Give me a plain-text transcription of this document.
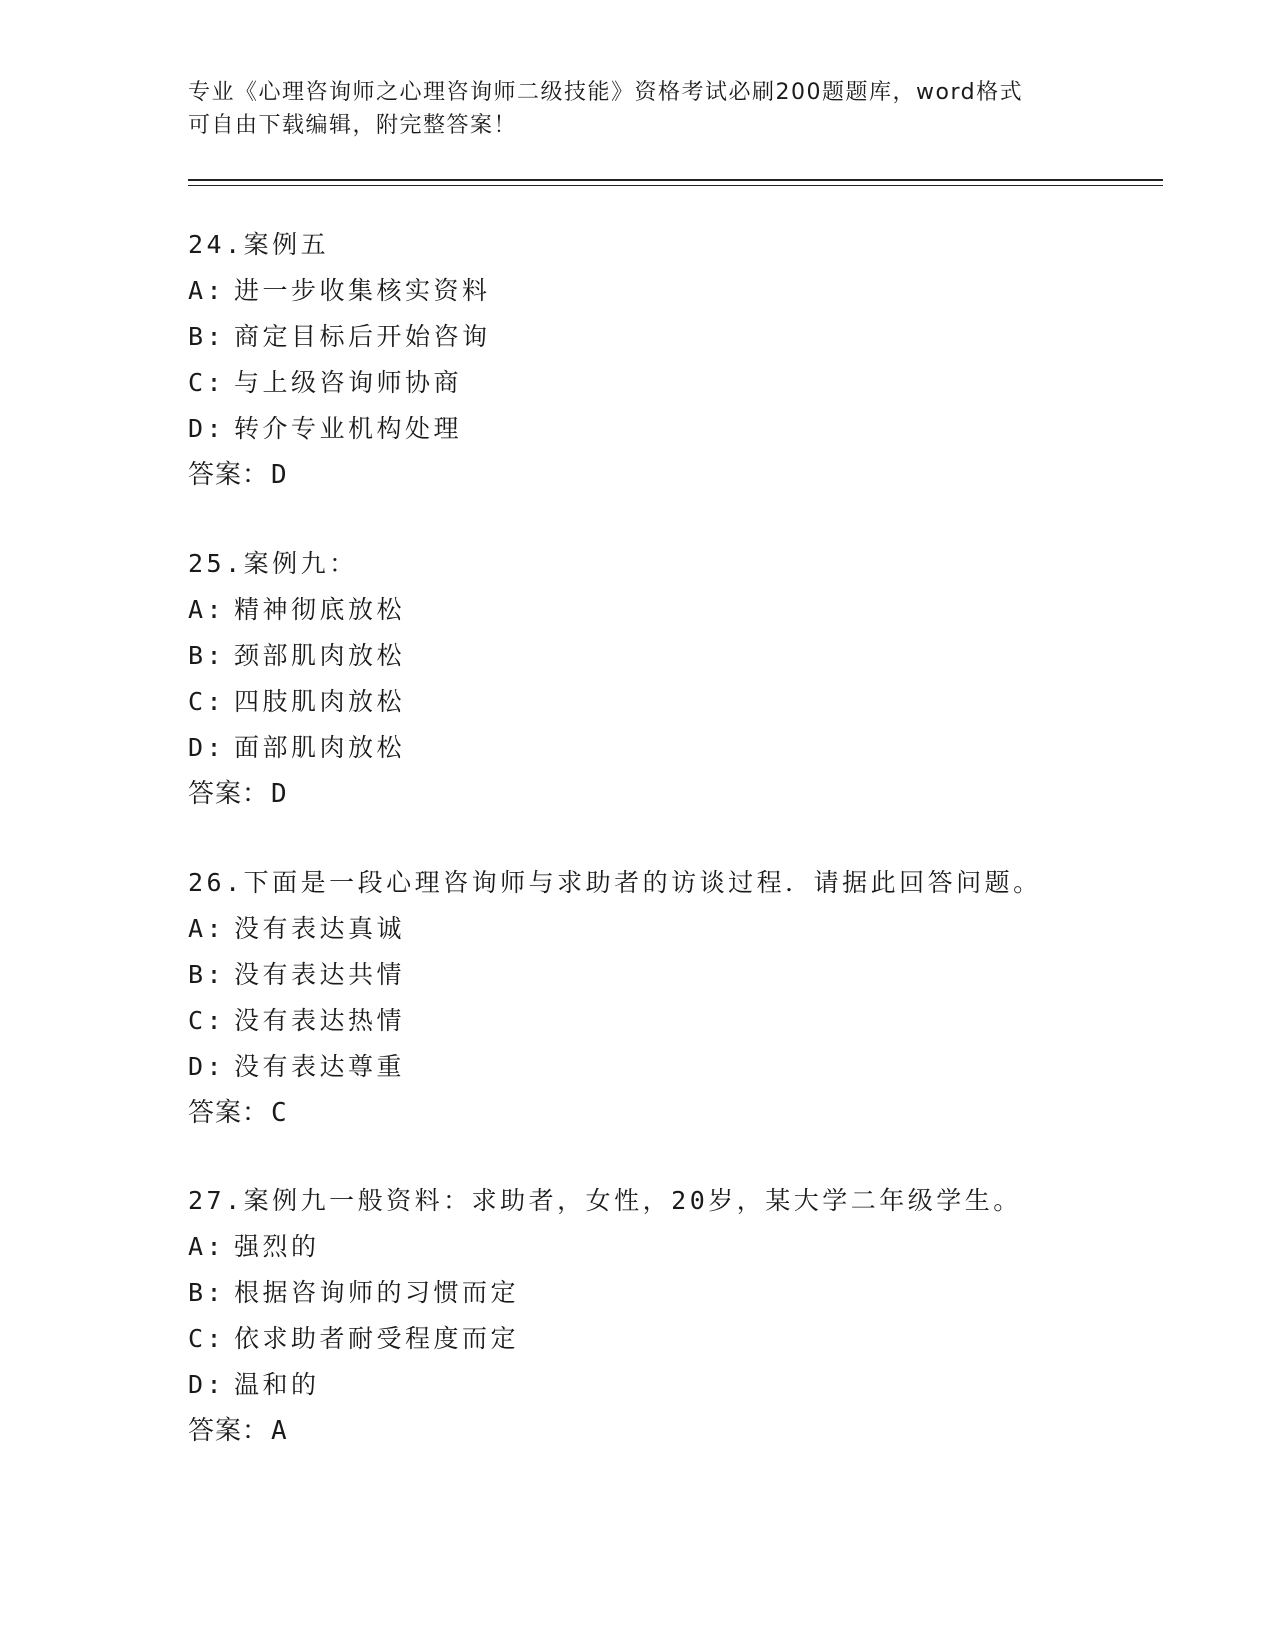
专业《心理咨询师之心理咨询师二级技能》资格考试必刷200题题库，word格式
可自由下载编辑，附完整答案！
24.案例五
A: 进一步收集核实资料
B: 商定目标后开始咨询
C: 与上级咨询师协商
D: 转介专业机构处理
答案：D
25.案例九：
A: 精神彻底放松
B: 颈部肌肉放松
C: 四肢肌肉放松
D: 面部肌肉放松
答案：D
26.下面是一段心理咨询师与求助者的访谈过程．请据此回答问题。
A: 没有表达真诚
B: 没有表达共情
C: 没有表达热情
D: 没有表达尊重
答案：C
27.案例九一般资料：求助者，女性，20岁，某大学二年级学生。
A: 强烈的
B: 根据咨询师的习惯而定
C: 依求助者耐受程度而定
D: 温和的
答案：A
